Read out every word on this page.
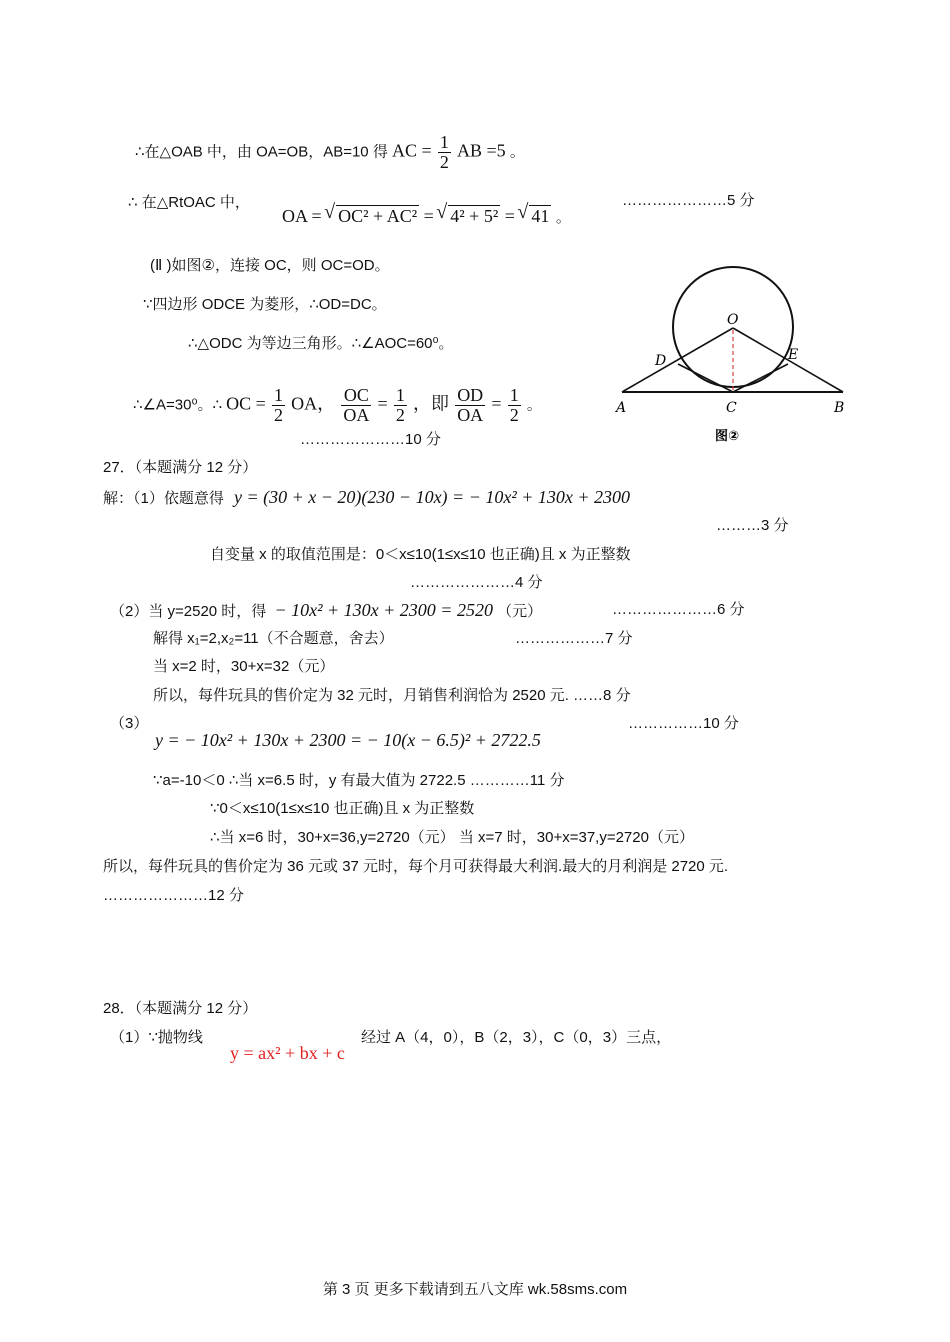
∴在△OAB 中，由 OA=OB，AB=10 得 AC = $\frac{1}{2}$ AB =5 。
∴ 在△RtOAC 中，
OA = √ OC² + AC² = √ 4² + 5² = √ 41 。
…………………5 分
(Ⅱ )如图②，连接 OC，则 OC=OD。
∵四边形 ODCE 为菱形，∴OD=DC。
∴△ODC 为等边三角形。∴∠AOC=60⁰。
∴∠A=30⁰。∴ OC = $\frac{1}{2}$ OA， $\frac{OC}{OA} = \frac{1}{2}$ ，即 $\frac{OD}{OA} = \frac{1}{2}$ 。
…………………10 分
O
D	E
A	C	B
图②
27．（本题满分 12 分）
解：（1）依题意得 y = (30 + x − 20)(230 − 10x) = − 10x² + 130x + 2300
………3 分
自变量 x 的取值范围是：0＜x≤10(1≤x≤10 也正确)且 x 为正整数
…………………4 分
（2）当 y=2520 时，得 − 10x² + 130x + 2300 = 2520 （元）	…………………6 分
解得 x₁=2,x₂=11（不合题意，舍去）	………………7 分
当 x=2 时，30+x=32（元）
所以，每件玩具的售价定为 32 元时，月销售利润恰为 2520 元. ……8 分
（3）	……………10 分
y = − 10x² + 130x + 2300 = − 10(x − 6.5)² + 2722.5
∵a=-10＜0 ∴当 x=6.5 时，y 有最大值为 2722.5 …………11 分
∵0＜x≤10(1≤x≤10 也正确)且 x 为正整数
∴当 x=6 时，30+x=36,y=2720（元） 当 x=7 时，30+x=37,y=2720（元）
所以，每件玩具的售价定为 36 元或 37 元时，每个月可获得最大利润.最大的月利润是 2720 元.
…………………12 分
28．（本题满分 12 分）
（1）∵抛物线
y = ax² + bx + c
经过 A（4，0），B（2，3），C（0，3）三点，
第 3 页 更多下载请到五八文库 wk.58sms.com
